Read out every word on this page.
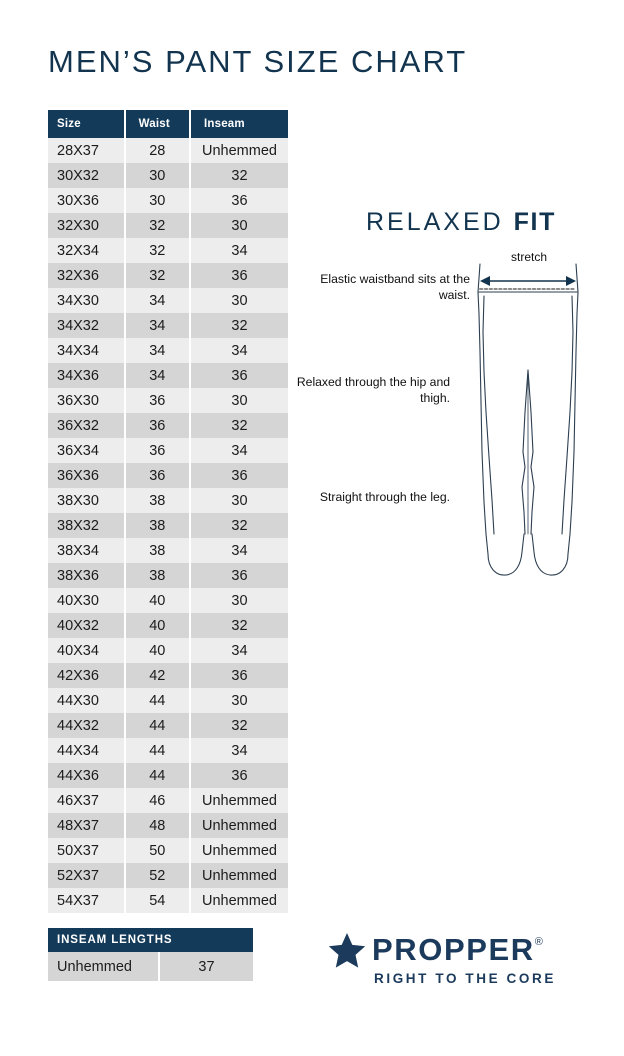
MEN’S PANT SIZE CHART
Size	Waist	Inseam
28X37	28	Unhemmed
30X32	30	32
30X36	30	36
32X30	32	30
32X34	32	34
32X36	32	36
34X30	34	30
34X32	34	32
34X34	34	34
34X36	34	36
36X30	36	30
36X32	36	32
36X34	36	34
36X36	36	36
38X30	38	30
38X32	38	32
38X34	38	34
38X36	38	36
40X30	40	30
40X32	40	32
40X34	40	34
42X36	42	36
44X30	44	30
44X32	44	32
44X34	44	34
44X36	44	36
46X37	46	Unhemmed
48X37	48	Unhemmed
50X37	50	Unhemmed
52X37	52	Unhemmed
54X37	54	Unhemmed
INSEAM LENGTHS
Unhemmed	37
RELAXED FIT
Elastic waistband sits at the waist.
Relaxed through the hip and thigh.
Straight through the leg.
stretch
PROPPER ®
RIGHT TO THE CORE
